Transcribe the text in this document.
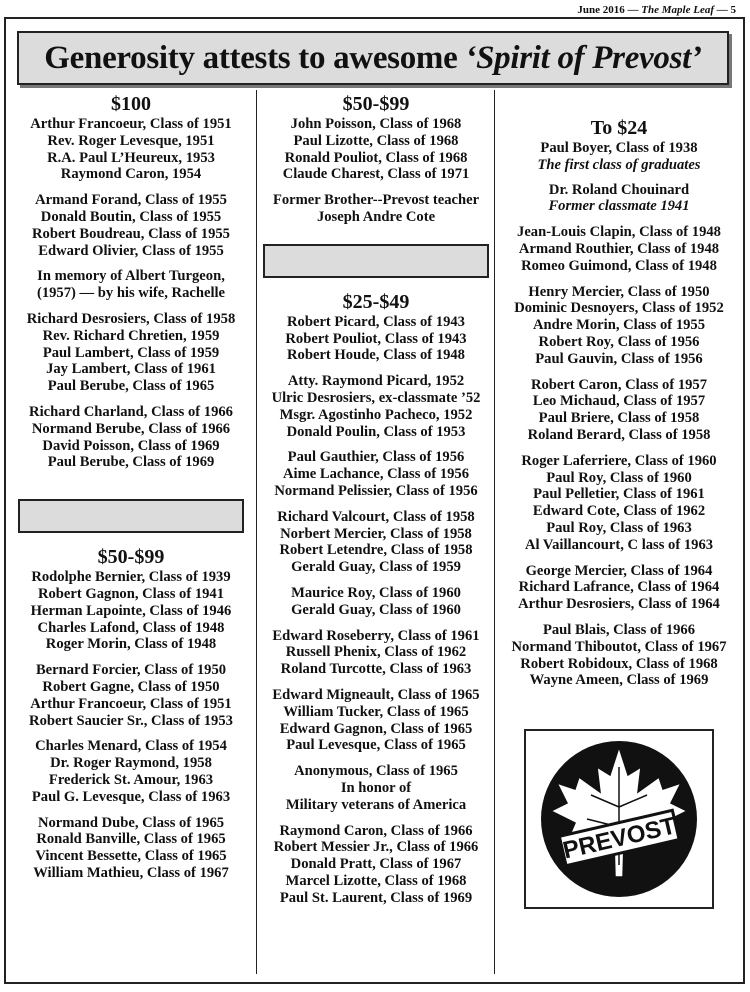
June 2016 — The Maple Leaf — 5
Generosity attests to awesome ‘Spirit of Prevost’
$100
Arthur Francoeur, Class of 1951
Rev. Roger Levesque, 1951
R.A. Paul L’Heureux, 1953
Raymond Caron, 1954
Armand Forand, Class of 1955
Donald Boutin, Class of 1955
Robert Boudreau, Class of 1955
Edward Olivier, Class of 1955
In memory of Albert Turgeon,
(1957) — by his wife, Rachelle
Richard Desrosiers, Class of 1958
Rev. Richard Chretien, 1959
Paul Lambert, Class of 1959
Jay Lambert, Class of 1961
Paul Berube, Class of 1965
Richard Charland, Class of 1966
Normand Berube, Class of 1966
David Poisson, Class of 1969
Paul Berube, Class of 1969
$50-$99
Rodolphe Bernier, Class of 1939
Robert Gagnon, Class of 1941
Herman Lapointe, Class of 1946
Charles Lafond, Class of 1948
Roger Morin, Class of 1948
Bernard Forcier, Class of 1950
Robert Gagne, Class of 1950
Arthur Francoeur, Class of 1951
Robert Saucier Sr., Class of 1953
Charles Menard, Class of 1954
Dr. Roger Raymond, 1958
Frederick St. Amour, 1963
Paul G. Levesque, Class of 1963
Normand Dube, Class of 1965
Ronald Banville, Class of 1965
Vincent Bessette, Class of 1965
William Mathieu, Class of 1967
$50-$99
John Poisson, Class of 1968
Paul Lizotte, Class of 1968
Ronald Pouliot, Class of 1968
Claude Charest, Class of 1971
Former Brother--Prevost teacher
Joseph Andre Cote
$25-$49
Robert Picard, Class of 1943
Robert Pouliot, Class of 1943
Robert Houde, Class of 1948
Atty. Raymond Picard, 1952
Ulric Desrosiers, ex-classmate ’52
Msgr. Agostinho Pacheco, 1952
Donald Poulin, Class of 1953
Paul Gauthier, Class of 1956
Aime Lachance, Class of 1956
Normand Pelissier, Class of 1956
Richard Valcourt, Class of 1958
Norbert Mercier, Class of 1958
Robert Letendre, Class of 1958
Gerald Guay, Class of 1959
Maurice Roy, Class of 1960
Gerald Guay, Class of 1960
Edward Roseberry, Class of 1961
Russell Phenix, Class of 1962
Roland Turcotte, Class of 1963
Edward Migneault, Class of 1965
William Tucker, Class of 1965
Edward Gagnon, Class of 1965
Paul Levesque, Class of 1965
Anonymous, Class of 1965
In honor of
Military veterans of America
Raymond Caron, Class of 1966
Robert Messier Jr., Class of 1966
Donald Pratt, Class of 1967
Marcel Lizotte, Class of 1968
Paul St. Laurent, Class of 1969
To $24
Paul Boyer, Class of 1938
The first class of graduates
Dr. Roland Chouinard
Former classmate 1941
Jean-Louis Clapin, Class of 1948
Armand Routhier, Class of 1948
Romeo Guimond, Class of 1948
Henry Mercier, Class of 1950
Dominic Desnoyers, Class of 1952
Andre Morin, Class of 1955
Robert Roy, Class of 1956
Paul Gauvin, Class of 1956
Robert Caron, Class of 1957
Leo Michaud, Class of 1957
Paul Briere, Class of 1958
Roland Berard, Class of 1958
Roger Laferriere, Class of 1960
Paul Roy, Class of 1960
Paul Pelletier, Class of 1961
Edward Cote, Class of 1962
Paul Roy, Class of 1963
Al Vaillancourt, C lass of 1963
George Mercier, Class of 1964
Richard Lafrance, Class of 1964
Arthur Desrosiers, Class of 1964
Paul Blais, Class of 1966
Normand Thiboutot, Class of 1967
Robert Robidoux, Class of 1968
Wayne Ameen, Class of 1969
PREVOST
